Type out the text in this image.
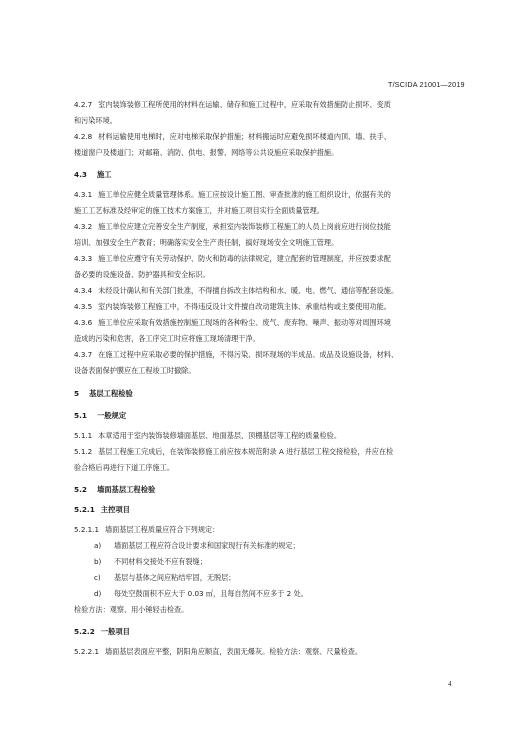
T/SCIDA 21001—2019
4.2.7 室内装饰装修工程所使用的材料在运输、储存和施工过程中，应采取有效措施防止损坏、变质
和污染环境。
4.2.8 材料运输使用电梯时，应对电梯采取保护措施；材料搬运时应避免损坏楼道内顶、墙、扶手、
楼道窗户及楼道门；对邮箱、消防、供电、报警、网络等公共设施应采取保护措施。
4.3 施工
4.3.1 施工单位应健全质量管理体系。施工应按设计施工图、审查批准的施工组织设计，依据有关的
施工工艺标准及经审定的施工技术方案施工，并对施工项目实行全面质量管理。
4.3.2 施工单位应建立完善安全生产制度，承担室内装饰装修工程施工的人员上岗前应进行岗位技能
培训、加强安全生产教育；明确落实安全生产责任制，搞好现场安全文明施工管理。
4.3.3 施工单位应遵守有关劳动保护、防火和防毒的法律规定，建立配套的管理制度，并应按要求配
备必要的设施设备、防护器具和安全标识。
4.3.4 未经设计确认和有关部门批准，不得擅自拆改主体结构和水、暖、电、燃气、通信等配套设施。
4.3.5 室内装饰装修工程施工中，不得违反设计文件擅自改动建筑主体、承重结构或主要使用功能。
4.3.6 施工单位应采取有效措施控制施工现场的各种粉尘、废气、废弃物、噪声、振动等对周围环境
造成的污染和危害，各工序完工时应将施工现场清理干净。
4.3.7 在施工过程中应采取必要的保护措施，不得污染、损坏现场的半成品、成品及设施设备，材料、
设备表面保护膜应在工程竣工时撤除。
5 基层工程检验
5.1 一般规定
5.1.1 本章适用于室内装饰装修墙面基层、地面基层、顶棚基层等工程的质量检验。
5.1.2 基层工程施工完成后，在装饰装修施工前应按本规范附录 A 进行基层工程交接检验，并应在检
验合格后再进行下道工序施工。
5.2 墙面基层工程检验
5.2.1 主控项目
5.2.1.1 墙面基层工程质量应符合下列规定：
a) 墙面基层工程应符合设计要求和国家现行有关标准的规定；
b) 不同材料交接处不应有裂缝；
c) 基层与基体之间应粘结牢固，无脱层；
d) 每处空鼓面积不应大于 0.03 ㎡，且每自然间不应多于 2 处。
检验方法：观察、用小锤轻击检查。
5.2.2 一般项目
5.2.2.1 墙面基层表面应平整，阴阳角应顺直，表面无爆灰。检验方法：观察、尺量检查。
4
